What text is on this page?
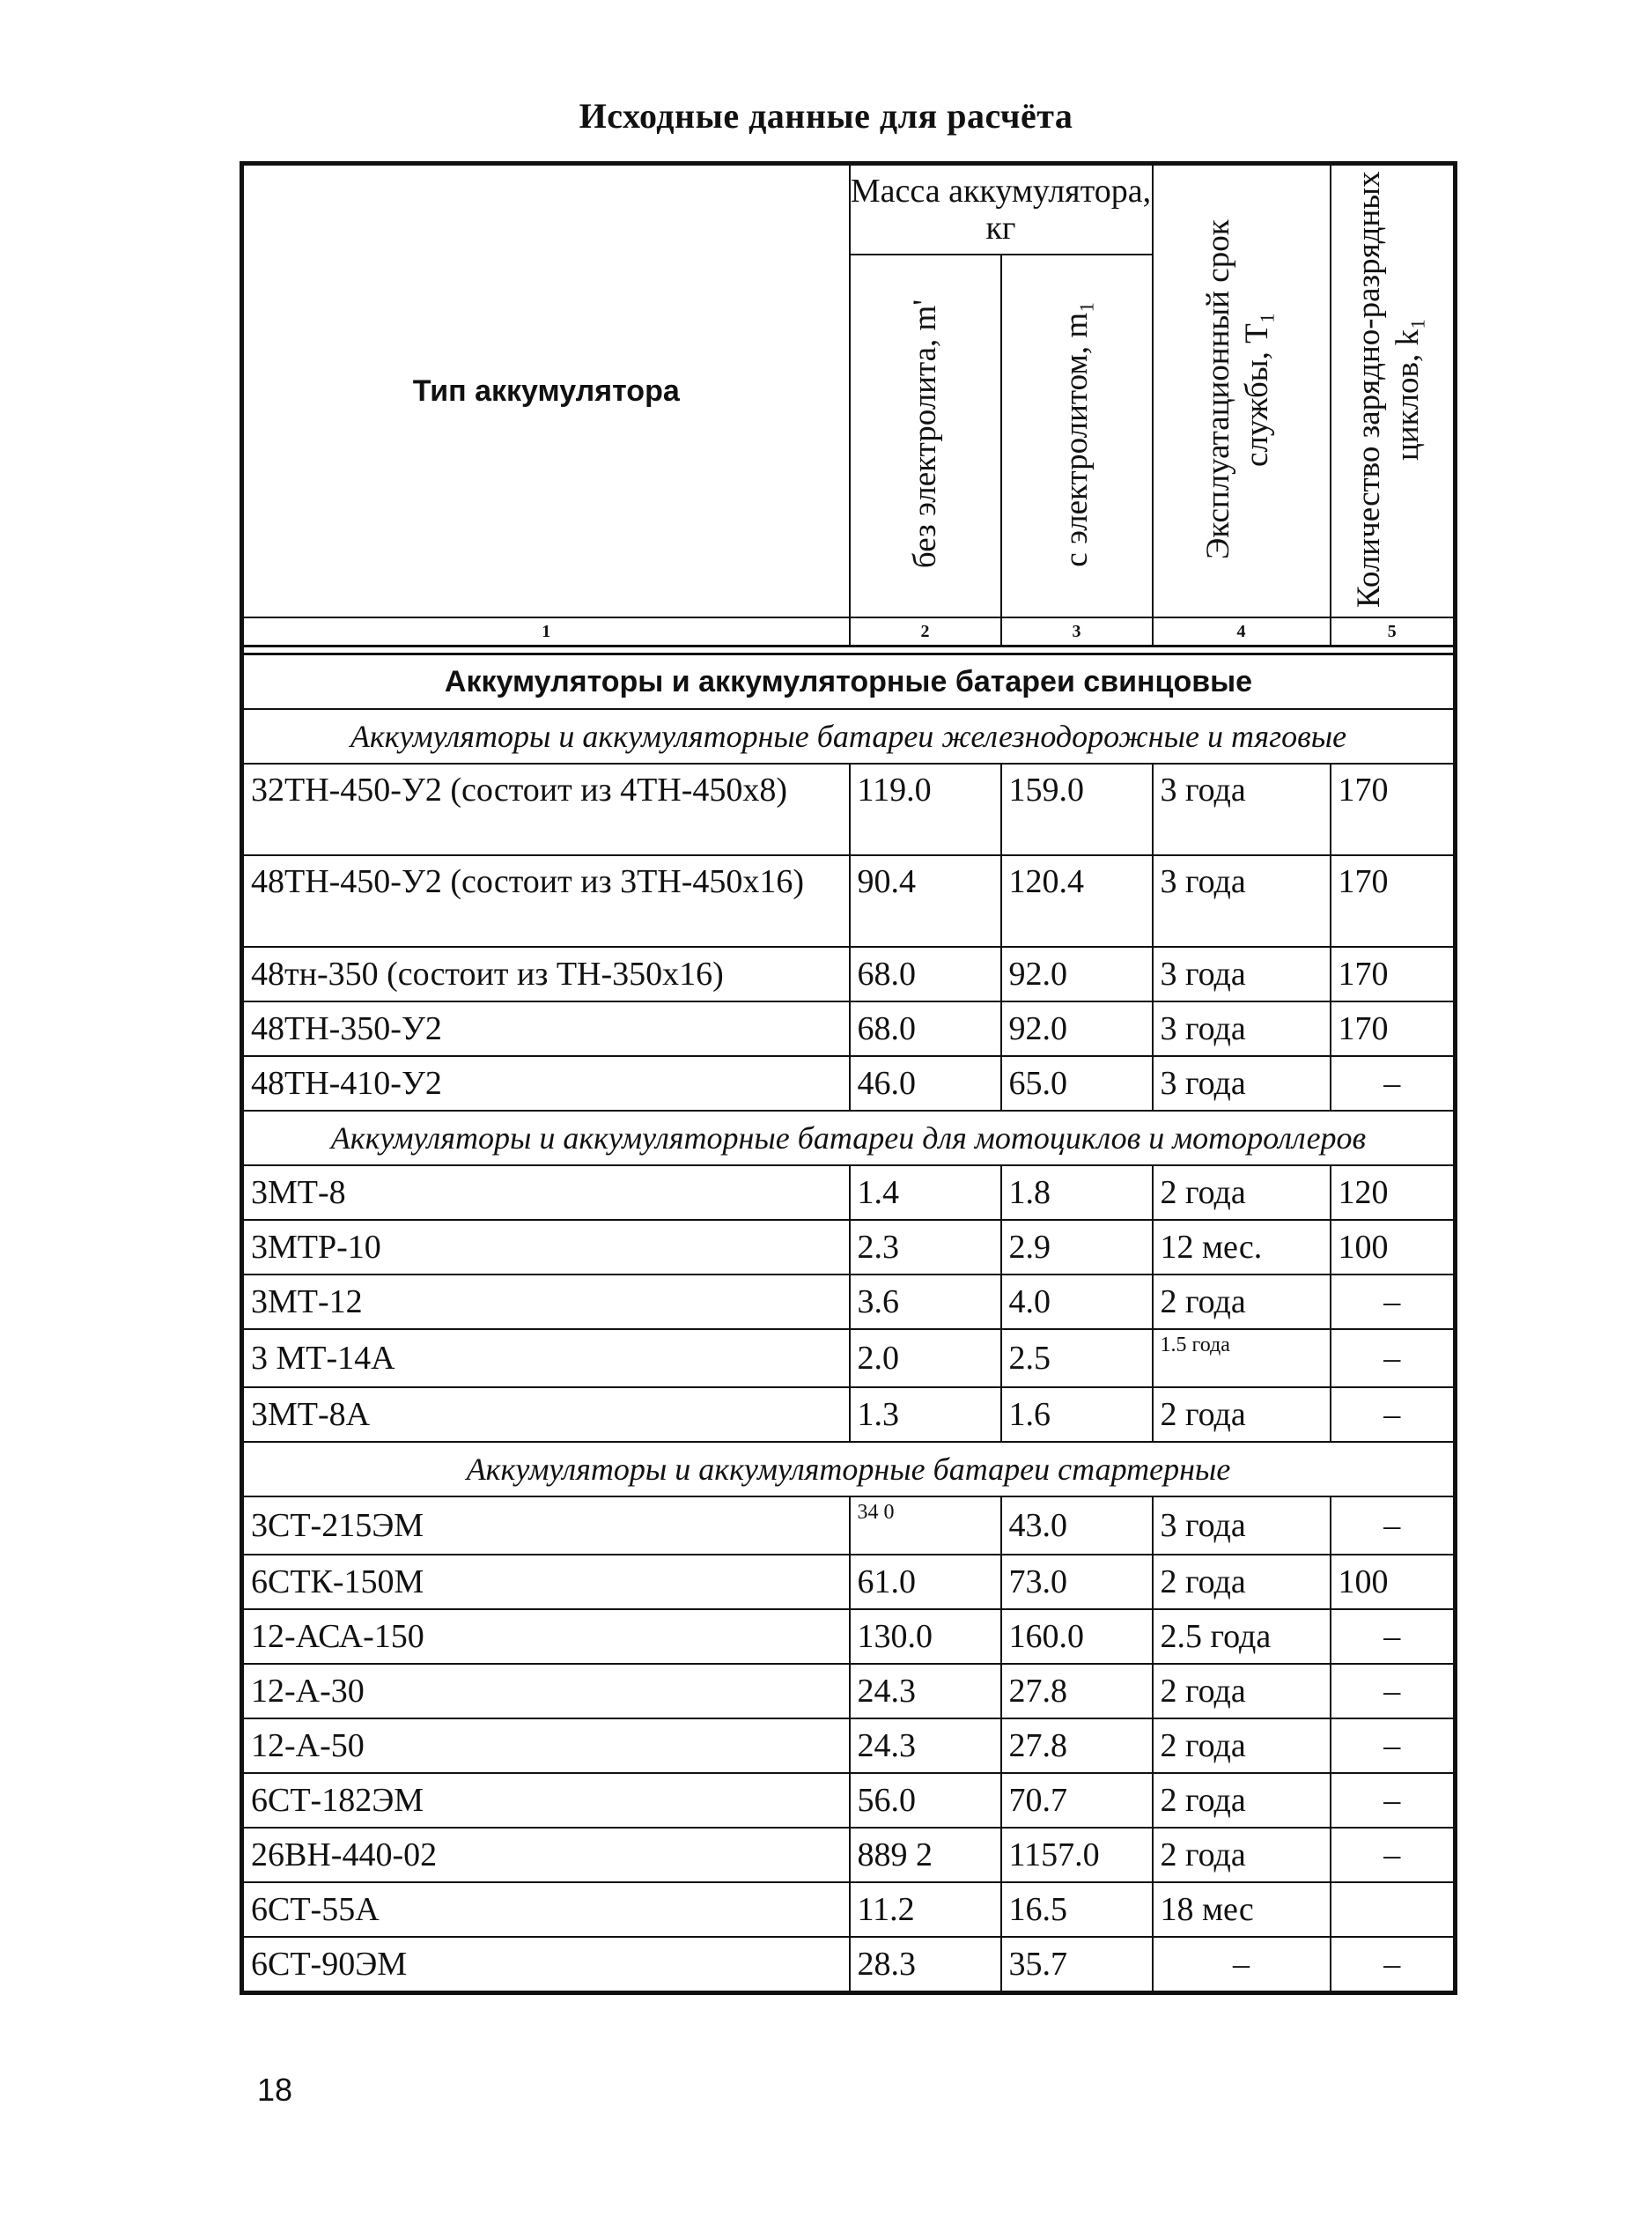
Исходные данные для расчёта
Тип аккумулятора	Масса аккумулятора, кг		Эксплуатационный срок службы, T₁	Количество зарядно-разрядных циклов, k₁
	без электролита, m'	с электролитом, m₁		
1	2	3	4	5

Аккумуляторы и аккумуляторные батареи свинцовые				
Аккумуляторы и аккумуляторные батареи железнодорожные и тяговые				
32ТН-450-У2 (состоит из 4ТН-450х8)	119.0	159.0	3 года	170
48ТН-450-У2 (состоит из 3ТН-450х16)	90.4	120.4	3 года	170
48тн-350 (состоит из ТН-350х16)	68.0	92.0	3 года	170
48ТН-350-У2	68.0	92.0	3 года	170
48ТН-410-У2	46.0	65.0	3 года	–
Аккумуляторы и аккумуляторные батареи для мотоциклов и мотороллеров				
3МТ-8	1.4	1.8	2 года	120
3МТР-10	2.3	2.9	12 мес.	100
3МТ-12	3.6	4.0	2 года	–
3 МТ-14А	2.0	2.5	1.5 года	–
3МТ-8А	1.3	1.6	2 года	–
Аккумуляторы и аккумуляторные батареи стартерные				
3СТ-215ЭМ	34 0	43.0	3 года	–
6СТК-150М	61.0	73.0	2 года	100
12-АСА-150	130.0	160.0	2.5 года	–
12-А-30	24.3	27.8	2 года	–
12-А-50	24.3	27.8	2 года	–
6СТ-182ЭМ	56.0	70.7	2 года	–
26ВН-440-02	889 2	1157.0	2 года	–
6СТ-55А	11.2	16.5	18 мес	
6СТ-90ЭМ	28.3	35.7	–	–
18
